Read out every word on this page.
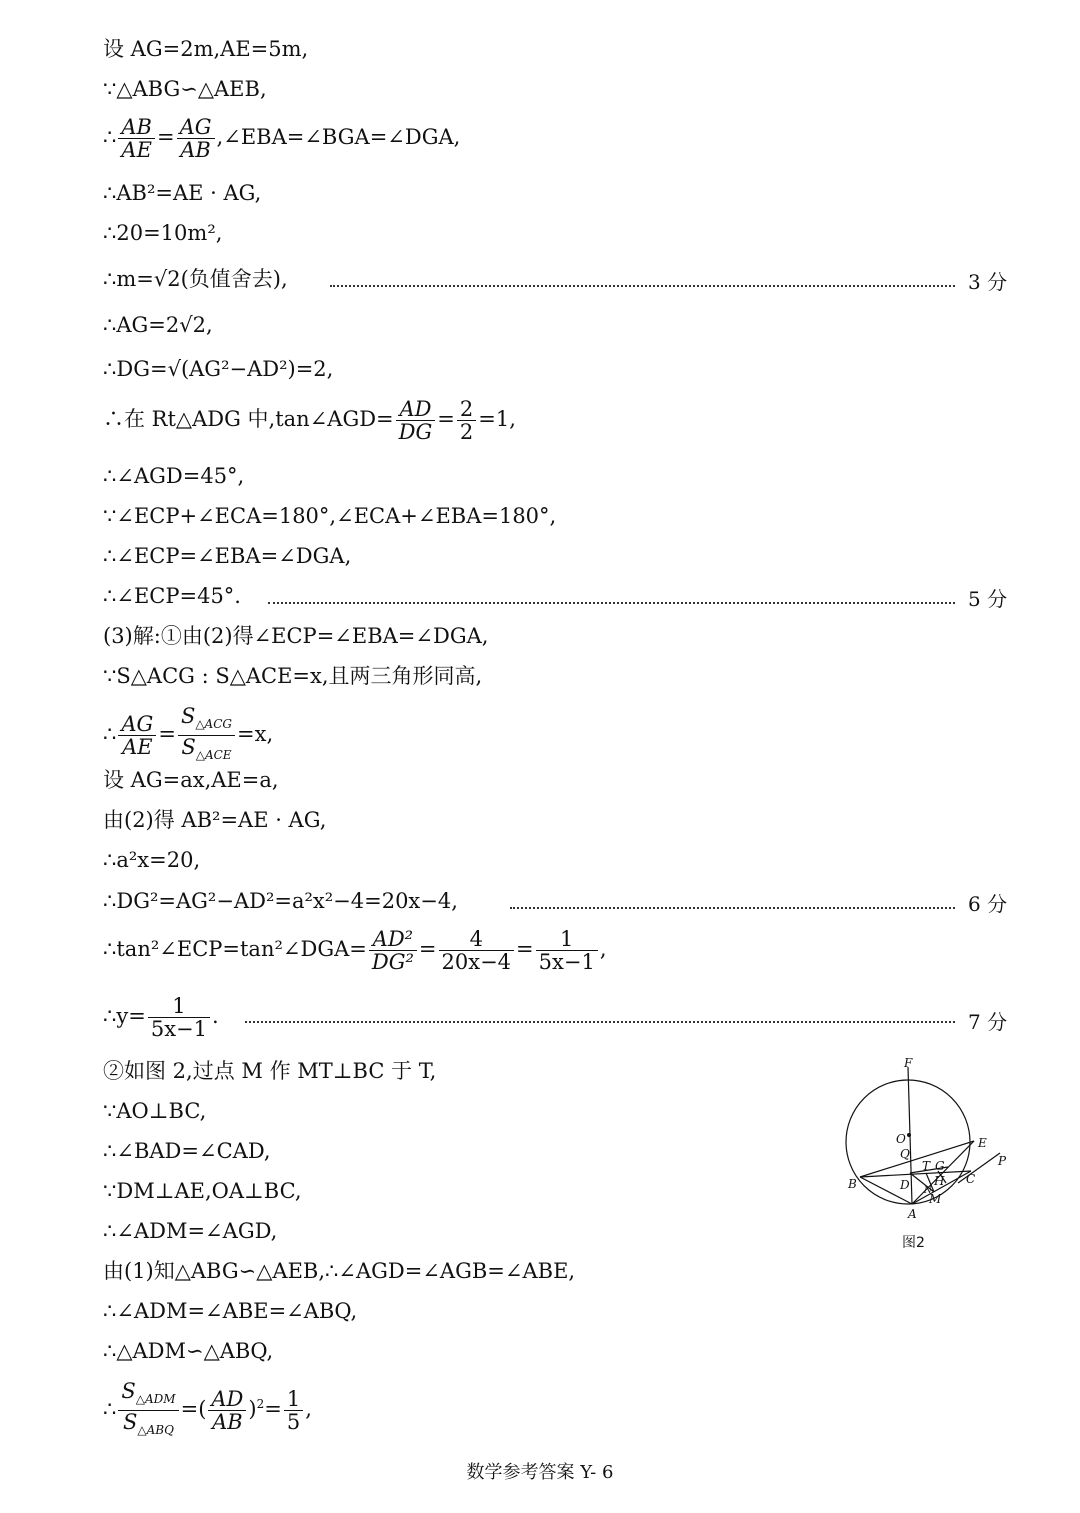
设 AG=2m,AE=5m,
∵△ABG∽△AEB,
∴ $\frac{AB}{AE} = \frac{AG}{AB}$ ,∠EBA=∠BGA=∠DGA,
∴AB²=AE · AG,
∴20=10m²,
∴m=√2(负值舍去),	3 分
∴AG=2√2,
∴DG=√(AG²−AD²)=2,
∴在 Rt△ADG 中,tan∠AGD= $\frac{AD}{DG} = \frac{2}{2} =1$,
∴∠AGD=45°,
∵∠ECP+∠ECA=180°,∠ECA+∠EBA=180°,
∴∠ECP=∠EBA=∠DGA,
∴∠ECP=45°.	5 分
(3)解:①由(2)得∠ECP=∠EBA=∠DGA,
∵S△ACG : S△ACE=x,且两三角形同高,
∴ $\frac{AG}{AE} = \frac{S_{\triangle ACG}}{S_{\triangle ACE}} =x$,
设 AG=ax,AE=a,
由(2)得 AB²=AE · AG,
∴a²x=20,
∴DG²=AG²−AD²=a²x²−4=20x−4,	6 分
∴tan²∠ECP=tan²∠DGA= $\frac{\text{AD²}}{\text{DG²}} = \frac{4}{20x-4} = \frac{1}{5x-1}$ ,
∴y= $\frac{1}{5x-1}$ .	7 分
②如图 2,过点 M 作 MT⊥BC 于 T,
∵AO⊥BC,
∴∠BAD=∠CAD,
∵DM⊥AE,OA⊥BC,
∴∠ADM=∠AGD,
由(1)知△ABG∽△AEB,∴∠AGD=∠AGB=∠ABE,
∴∠ADM=∠ABE=∠ABQ,
∴△ADM∽△ABQ,
∴ $\frac{S_{\triangle ADM}}{S_{\triangle ABQ}}$ =( $\frac{AD}{AB} )^2= \frac{1}{5}$ ,
F
O
Q
E
P
T G
H
B	D	C
N
M
A
图2
数学参考答案 Y- 6
